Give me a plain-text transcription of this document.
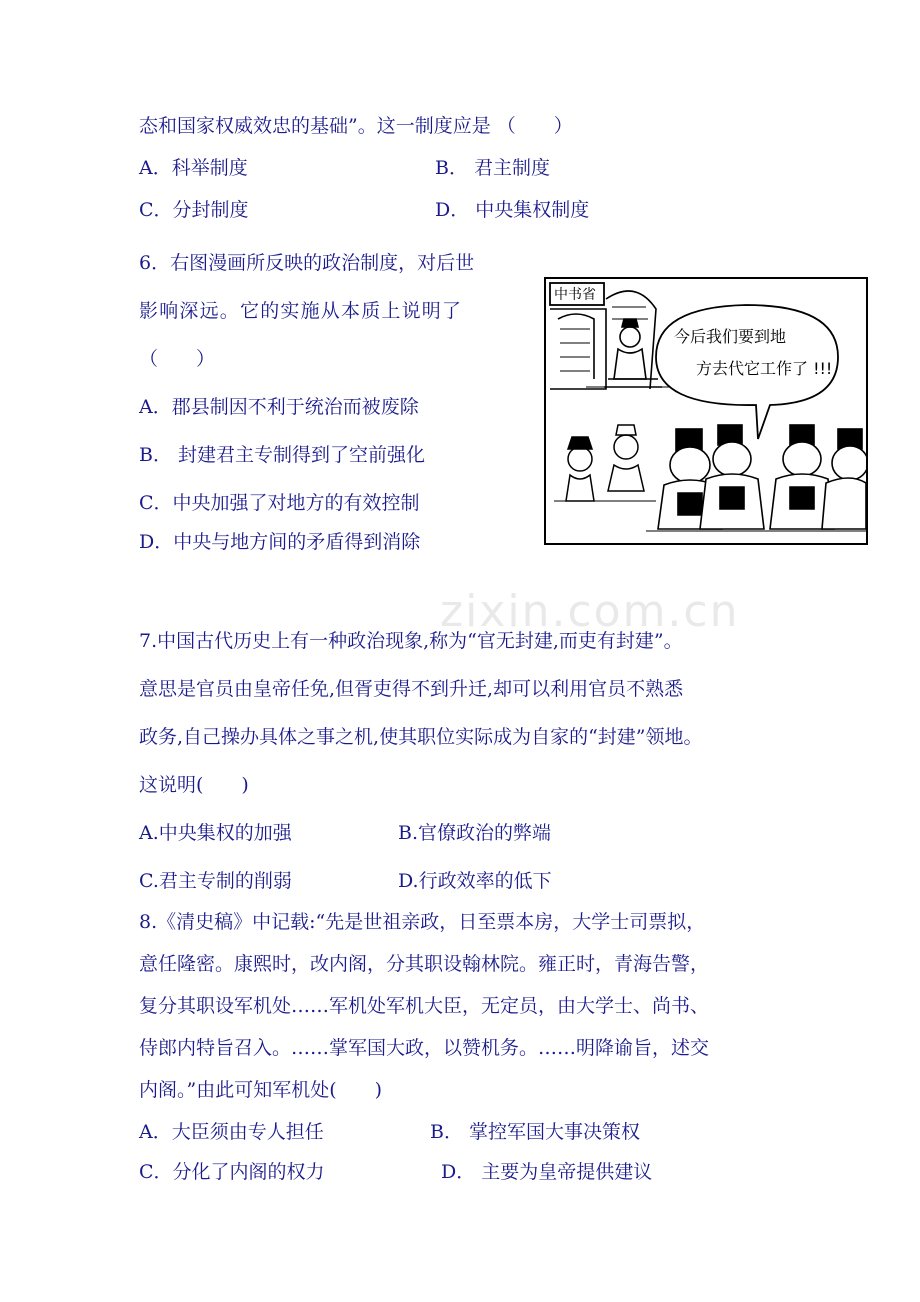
zixin.com.cn
态和国家权威效忠的基础”。这一制度应是 （　　）
A．科举制度	B． 君主制度
C．分封制度	D． 中央集权制度
6．右图漫画所反映的政治制度，对后世
影响深远。它的实施从本质上说明了
（　　）
A．郡县制因不利于统治而被废除
B． 封建君主专制得到了空前强化
C．中央加强了对地方的有效控制
D．中央与地方间的矛盾得到消除
中书省
今后我们要到地
方去代它工作了 !!!
7.中国古代历史上有一种政治现象,称为“官无封建,而吏有封建”。
意思是官员由皇帝任免,但胥吏得不到升迁,却可以利用官员不熟悉
政务,自己操办具体之事之机,使其职位实际成为自家的“封建”领地。
这说明(　　)
A.中央集权的加强	B.官僚政治的弊端
C.君主专制的削弱	D.行政效率的低下
8.《清史稿》中记载:“先是世祖亲政，日至票本房，大学士司票拟，
意任隆密。康熙时，改内阁，分其职设翰林院。雍正时，青海告警，
复分其职设军机处……军机处军机大臣，无定员，由大学士、尚书、
侍郎内特旨召入。……掌军国大政，以赞机务。……明降谕旨，述交
内阁。”由此可知军机处(　　)
A．大臣须由专人担任	B． 掌控军国大事决策权
C．分化了内阁的权力	D． 主要为皇帝提供建议
